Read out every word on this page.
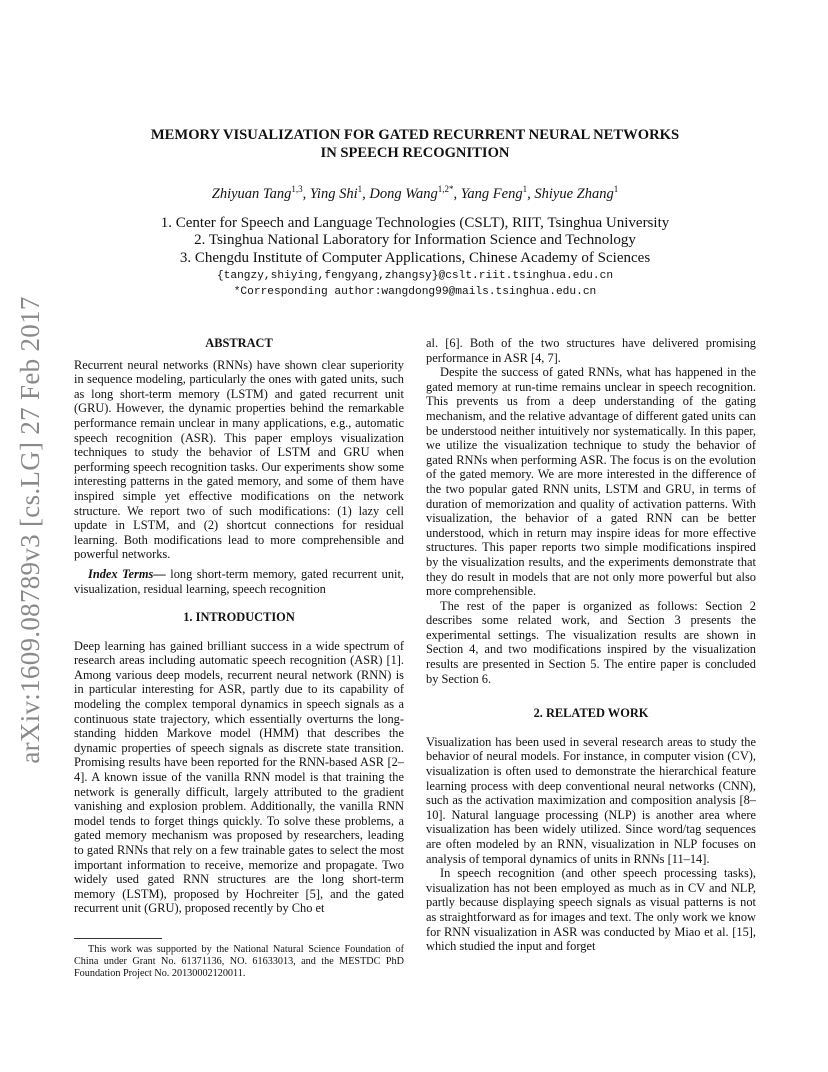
arXiv:1609.08789v3 [cs.LG] 27 Feb 2017
MEMORY VISUALIZATION FOR GATED RECURRENT NEURAL NETWORKS
IN SPEECH RECOGNITION
Zhiyuan Tang$^{1,3}$, Ying Shi$^1$, Dong Wang$^{1,2*}$, Yang Feng$^1$, Shiyue Zhang$^1$
1. Center for Speech and Language Technologies (CSLT), RIIT, Tsinghua University
2. Tsinghua National Laboratory for Information Science and Technology
3. Chengdu Institute of Computer Applications, Chinese Academy of Sciences
{tangzy,shiying,fengyang,zhangsy}@cslt.riit.tsinghua.edu.cn
*Corresponding author:wangdong99@mails.tsinghua.edu.cn

ABSTRACT

Recurrent neural networks (RNNs) have shown clear superiority in sequence modeling, particularly the ones with gated units, such as long short-term memory (LSTM) and gated recurrent unit (GRU). However, the dynamic properties behind the remarkable performance remain unclear in many applications, e.g., automatic speech recognition (ASR). This paper employs visualization techniques to study the behavior of LSTM and GRU when performing speech recognition tasks. Our experiments show some interesting patterns in the gated memory, and some of them have inspired simple yet effective modifications on the network structure. We report two of such modifications: (1) lazy cell update in LSTM, and (2) shortcut connections for residual learning. Both modifications lead to more comprehensible and powerful networks.

Index Terms— long short-term memory, gated recurrent unit, visualization, residual learning, speech recognition

1. INTRODUCTION

Deep learning has gained brilliant success in a wide spectrum of research areas including automatic speech recognition (ASR) [1]. Among various deep models, recurrent neural network (RNN) is in particular interesting for ASR, partly due to its capability of modeling the complex temporal dynamics in speech signals as a continuous state trajectory, which essentially overturns the long-standing hidden Markove model (HMM) that describes the dynamic properties of speech signals as discrete state transition. Promising results have been reported for the RNN-based ASR [2–4]. A known issue of the vanilla RNN model is that training the network is generally difficult, largely attributed to the gradient vanishing and explosion problem. Additionally, the vanilla RNN model tends to forget things quickly. To solve these problems, a gated memory mechanism was proposed by researchers, leading to gated RNNs that rely on a few trainable gates to select the most important information to receive, memorize and propagate. Two widely used gated RNN structures are the long short-term memory (LSTM), proposed by Hochreiter [5], and the gated recurrent unit (GRU), proposed recently by Cho et

This work was supported by the National Natural Science Foundation of China under Grant No. 61371136, NO. 61633013, and the MESTDC PhD Foundation Project No. 20130002120011.

al. [6]. Both of the two structures have delivered promising performance in ASR [4, 7].

Despite the success of gated RNNs, what has happened in the gated memory at run-time remains unclear in speech recognition. This prevents us from a deep understanding of the gating mechanism, and the relative advantage of different gated units can be understood neither intuitively nor systematically. In this paper, we utilize the visualization technique to study the behavior of gated RNNs when performing ASR. The focus is on the evolution of the gated memory. We are more interested in the difference of the two popular gated RNN units, LSTM and GRU, in terms of duration of memorization and quality of activation patterns. With visualization, the behavior of a gated RNN can be better understood, which in return may inspire ideas for more effective structures. This paper reports two simple modifications inspired by the visualization results, and the experiments demonstrate that they do result in models that are not only more powerful but also more comprehensible.

The rest of the paper is organized as follows: Section 2 describes some related work, and Section 3 presents the experimental settings. The visualization results are shown in Section 4, and two modifications inspired by the visualization results are presented in Section 5. The entire paper is concluded by Section 6.

2. RELATED WORK

Visualization has been used in several research areas to study the behavior of neural models. For instance, in computer vision (CV), visualization is often used to demonstrate the hierarchical feature learning process with deep conventional neural networks (CNN), such as the activation maximization and composition analysis [8–10]. Natural language processing (NLP) is another area where visualization has been widely utilized. Since word/tag sequences are often modeled by an RNN, visualization in NLP focuses on analysis of temporal dynamics of units in RNNs [11–14].

In speech recognition (and other speech processing tasks), visualization has not been employed as much as in CV and NLP, partly because displaying speech signals as visual patterns is not as straightforward as for images and text. The only work we know for RNN visualization in ASR was conducted by Miao et al. [15], which studied the input and forget
